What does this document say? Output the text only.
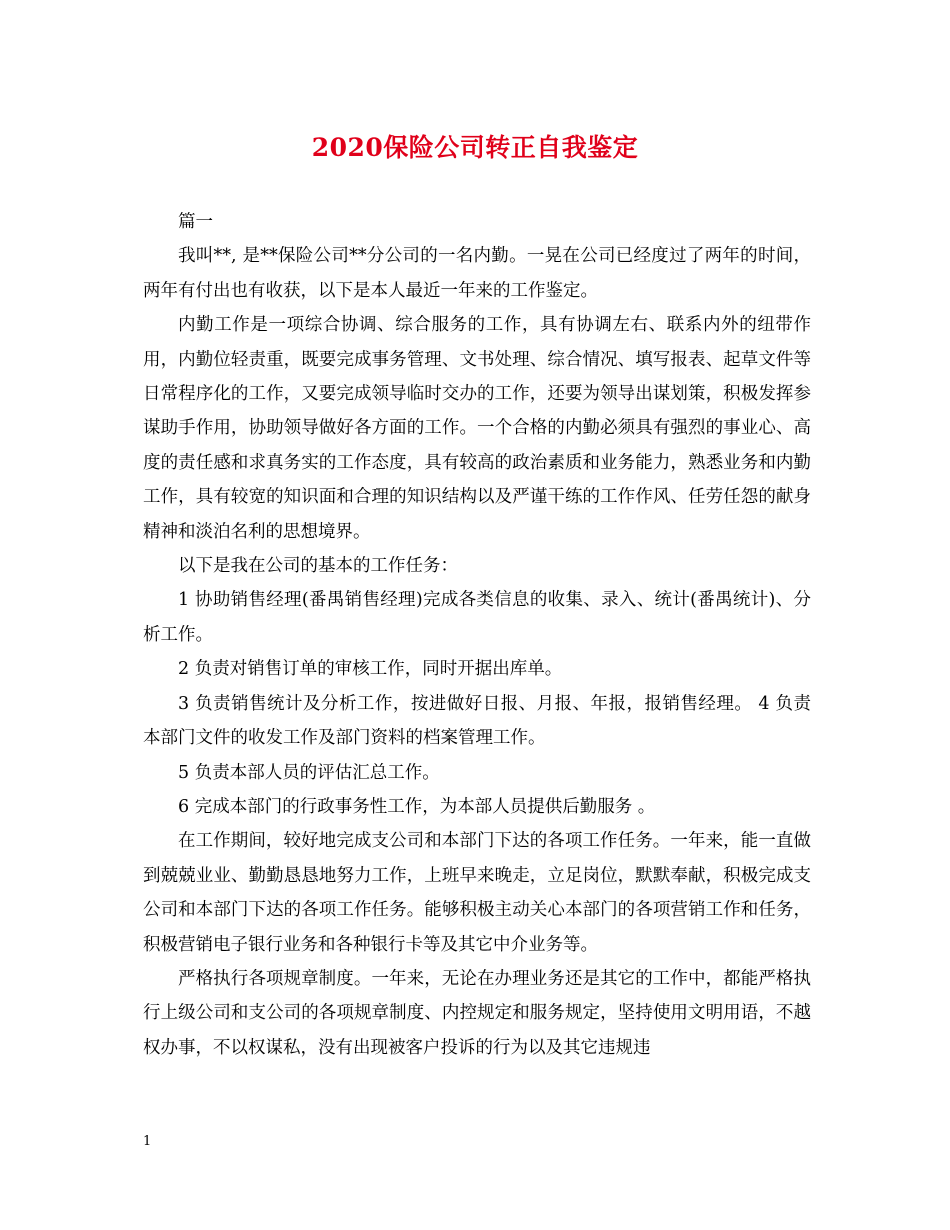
2020保险公司转正自我鉴定

篇一

我叫**, 是**保险公司**分公司的一名内勤。一晃在公司已经度过了两年的时间，两年有付出也有收获，以下是本人最近一年来的工作鉴定。

内勤工作是一项综合协调、综合服务的工作，具有协调左右、联系内外的纽带作用，内勤位轻责重，既要完成事务管理、文书处理、综合情况、填写报表、起草文件等日常程序化的工作，又要完成领导临时交办的工作，还要为领导出谋划策，积极发挥参谋助手作用，协助领导做好各方面的工作。一个合格的内勤必须具有强烈的事业心、高度的责任感和求真务实的工作态度，具有较高的政治素质和业务能力，熟悉业务和内勤工作，具有较宽的知识面和合理的知识结构以及严谨干练的工作作风、任劳任怨的献身精神和淡泊名利的思想境界。

以下是我在公司的基本的工作任务：

1 协助销售经理(番禺销售经理)完成各类信息的收集、录入、统计(番禺统计)、分析工作。

2 负责对销售订单的审核工作，同时开据出库单。

3 负责销售统计及分析工作，按进做好日报、月报、年报，报销售经理。 4 负责本部门文件的收发工作及部门资料的档案管理工作。

5 负责本部人员的评估汇总工作。

6 完成本部门的行政事务性工作，为本部人员提供后勤服务 。

在工作期间，较好地完成支公司和本部门下达的各项工作任务。一年来，能一直做到兢兢业业、勤勤恳恳地努力工作，上班早来晚走，立足岗位，默默奉献，积极完成支公司和本部门下达的各项工作任务。能够积极主动关心本部门的各项营销工作和任务，积极营销电子银行业务和各种银行卡等及其它中介业务等。

严格执行各项规章制度。一年来，无论在办理业务还是其它的工作中，都能严格执行上级公司和支公司的各项规章制度、内控规定和服务规定，坚持使用文明用语，不越权办事，不以权谋私，没有出现被客户投诉的行为以及其它违规违

1
